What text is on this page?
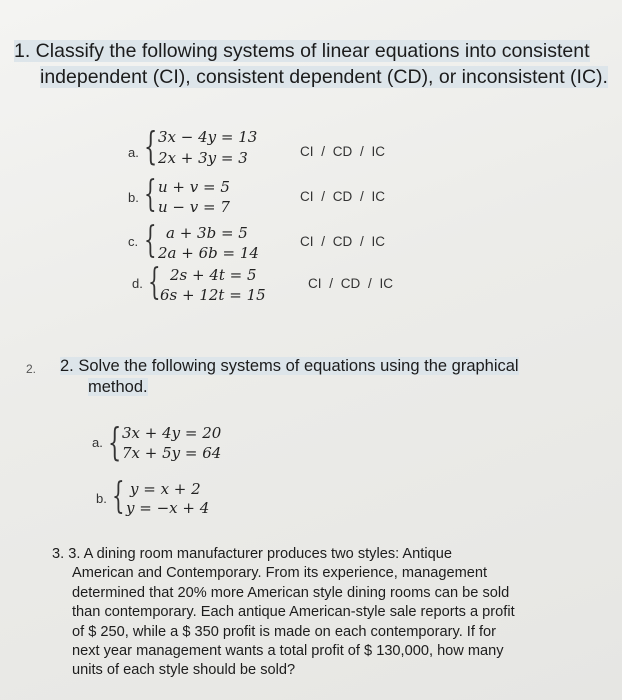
1. Classify the following systems of linear equations into consistent
independent (CI), consistent dependent (CD), or inconsistent (IC).
a. { 3x − 4y = 13
2x + 3y = 3	CI / CD / IC
b. { u + v = 5
u − v = 7
CI / CD / IC
c. { a + 3b = 5
2a + 6b = 14
CI / CD / IC
d. { 2s + 4t = 5
6s + 12t = 15
CI / CD / IC
2. 2. Solve the following systems of equations using the graphical
method.
a. { 3x + 4y = 20
7x + 5y = 64
b. { y = x + 2
y = −x + 4
3. 3. A dining room manufacturer produces two styles: Antique
American and Contemporary. From its experience, management
determined that 20% more American style dining rooms can be sold
than contemporary. Each antique American-style sale reports a profit
of $ 250, while a $ 350 profit is made on each contemporary. If for
next year management wants a total profit of $ 130,000, how many
units of each style should be sold?
